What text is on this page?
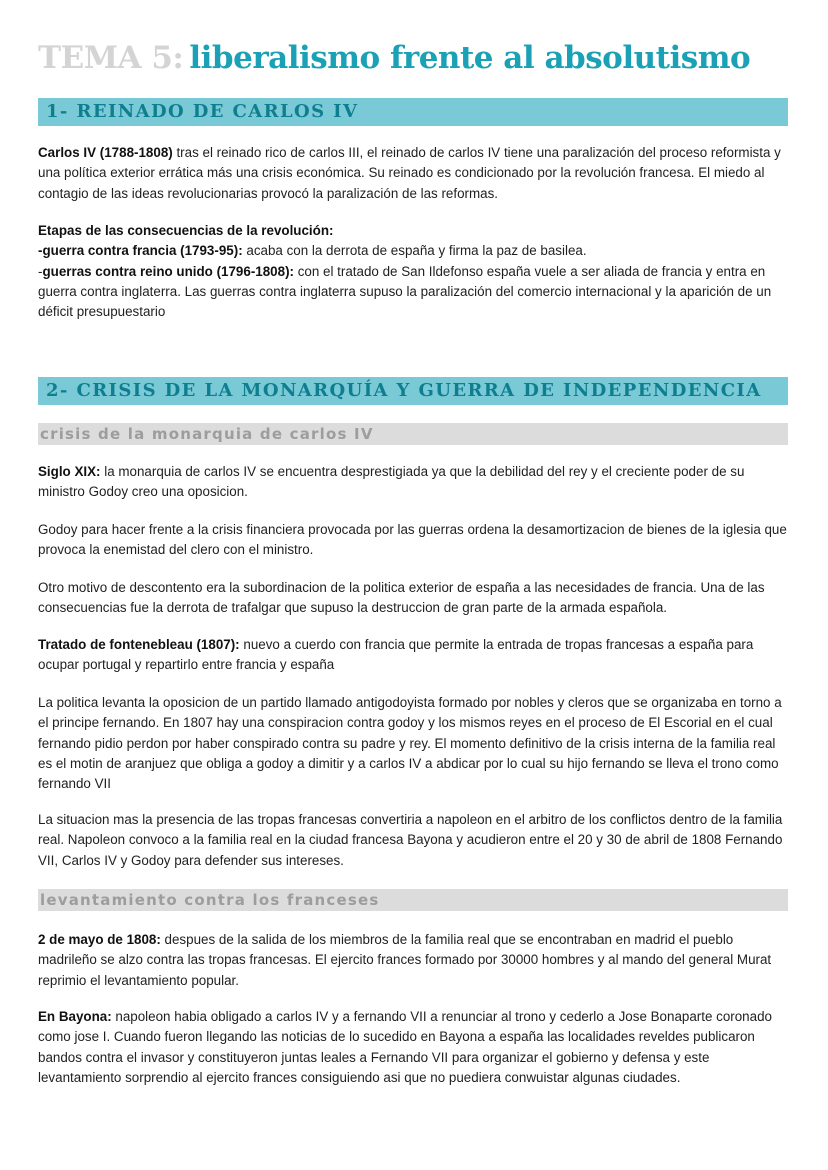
TEMA 5: liberalismo frente al absolutismo
1- REINADO DE CARLOS IV

Carlos IV (1788-1808) tras el reinado rico de carlos III, el reinado de carlos IV tiene una paralización del proceso reformista y una política exterior errática más una crisis económica. Su reinado es condicionado por la revolución francesa. El miedo al contagio de las ideas revolucionarias provocó la paralización de las reformas.

Etapas de las consecuencias de la revolución:
-guerra contra francia (1793-95): acaba con la derrota de españa y firma la paz de basilea.
-guerras contra reino unido (1796-1808): con el tratado de San Ildefonso españa vuele a ser aliada de francia y entra en guerra contra inglaterra. Las guerras contra inglaterra supuso la paralización del comercio internacional y la aparición de un déficit presupuestario

2- CRISIS DE LA MONARQUÍA Y GUERRA DE INDEPENDENCIA
crisis de la monarquia de carlos IV

Siglo XIX: la monarquia de carlos IV se encuentra desprestigiada ya que la debilidad del rey y el creciente poder de su ministro Godoy creo una oposicion.

Godoy para hacer frente a la crisis financiera provocada por las guerras ordena la desamortizacion de bienes de la iglesia que provoca la enemistad del clero con el ministro.

Otro motivo de descontento era la subordinacion de la politica exterior de españa a las necesidades de francia. Una de las consecuencias fue la derrota de trafalgar que supuso la destruccion de gran parte de la armada española.

Tratado de fontenebleau (1807): nuevo a cuerdo con francia que permite la entrada de tropas francesas a españa para ocupar portugal y repartirlo entre francia y españa

La politica levanta la oposicion de un partido llamado antigodoyista formado por nobles y cleros que se organizaba en torno a el principe fernando. En 1807 hay una conspiracion contra godoy y los mismos reyes en el proceso de El Escorial en el cual fernando pidio perdon por haber conspirado contra su padre y rey. El momento definitivo de la crisis interna de la familia real es el motin de aranjuez que obliga a godoy a dimitir y a carlos IV a abdicar por lo cual su hijo fernando se lleva el trono como fernando VII

La situacion mas la presencia de las tropas francesas convertiria a napoleon en el arbitro de los conflictos dentro de la familia real. Napoleon convoco a la familia real en la ciudad francesa Bayona y acudieron entre el 20 y 30 de abril de 1808 Fernando VII, Carlos IV y Godoy para defender sus intereses.

levantamiento contra los franceses

2 de mayo de 1808: despues de la salida de los miembros de la familia real que se encontraban en madrid el pueblo madrileño se alzo contra las tropas francesas. El ejercito frances formado por 30000 hombres y al mando del general Murat reprimio el levantamiento popular.

En Bayona: napoleon habia obligado a carlos IV y a fernando VII a renunciar al trono y cederlo a Jose Bonaparte coronado como jose I. Cuando fueron llegando las noticias de lo sucedido en Bayona a españa las localidades reveldes publicaron bandos contra el invasor y constituyeron juntas leales a Fernando VII para organizar el gobierno y defensa y este levantamiento sorprendio al ejercito frances consiguiendo asi que no puediera conwuistar algunas ciudades.
